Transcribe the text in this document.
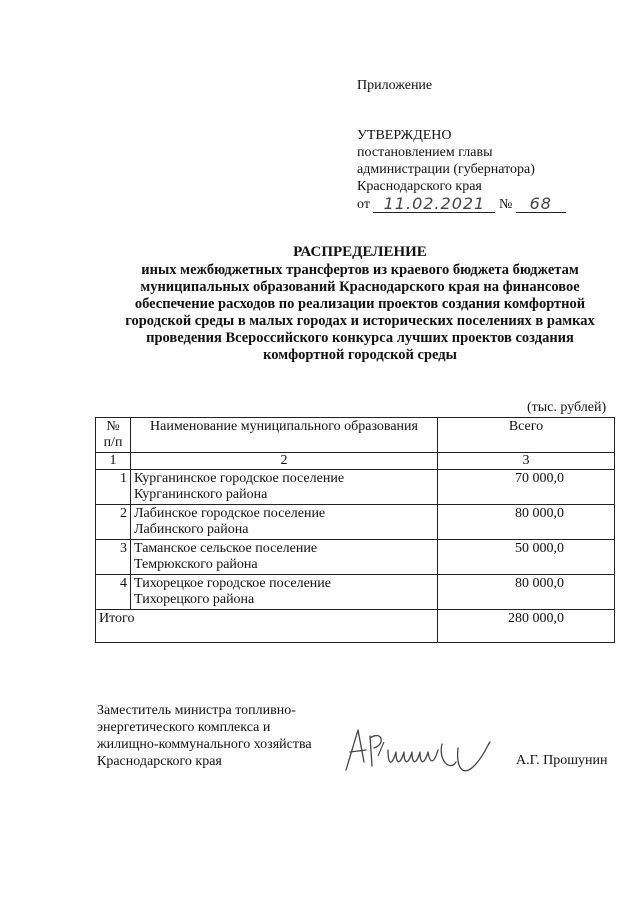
Приложение
УТВЕРЖДЕНО
постановлением главы
администрации (губернатора)
Краснодарского края
от 11.02.2021 № 68
РАСПРЕДЕЛЕНИЕ
иных межбюджетных трансфертов из краевого бюджета бюджетам
муниципальных образований Краснодарского края на финансовое
обеспечение расходов по реализации проектов создания комфортной
городской среды в малых городах и исторических поселениях в рамках
проведения Всероссийского конкурса лучших проектов создания
комфортной городской среды
(тыс. рублей)
№ п/п	Наименование муниципального образования	Всего
1	2	3
1	Курганинское городское поселение
Курганинского района	70 000,0
2	Лабинское городское поселение
Лабинского района	80 000,0
3	Таманское сельское поселение
Темрюкского района	50 000,0
4	Тихорецкое городское поселение
Тихорецкого района	80 000,0
Итого		280 000,0
Заместитель министра топливно-
энергетического комплекса и
жилищно-коммунального хозяйства
Краснодарского края	А.Г. Прошунин
